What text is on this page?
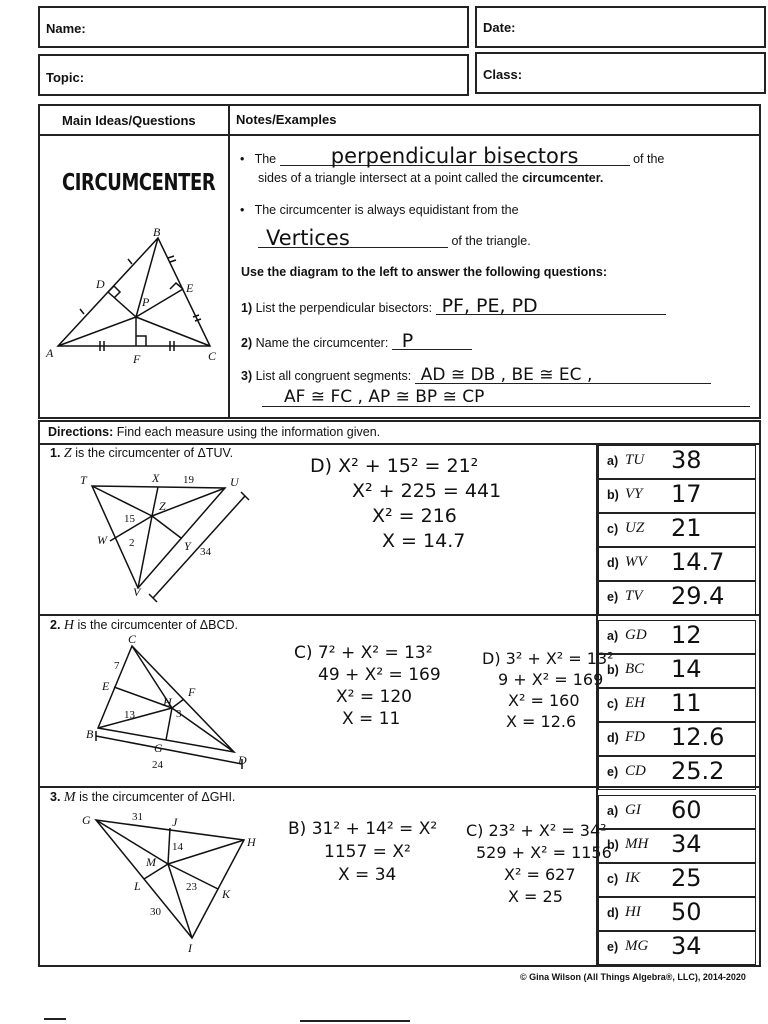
Name:	Date:
Topic:	Class:
Main Ideas/Questions	Notes/Examples
CIRCUMCENTER
B
D	E
P
A	F	C
•   The	perpendicular bisectors	of the
sides of a triangle intersect at a point called the circumcenter.
•   The circumcenter is always equidistant from the
Vertices	of the triangle.
Use the diagram to the left to answer the following questions:
1) List the perpendicular bisectors: PF, PE, PD
2) Name the circumcenter: P
3) List all congruent segments: AD ≅ DB , BE ≅ EC ,
AF ≅ FC , AP ≅ BP ≅ CP
Directions: Find each measure using the information given.
1. Z is the circumcenter of ΔTUV.
T	X 19	U
Z
15
W 2	Y 34
V
D) X² + 15² = 21²
X² + 225 = 441
X² = 216
X = 14.7
a) TU 38
b) VY 17
c) UZ 21
d) WV 14.7
e) TV 29.4
2. H is the circumcenter of ΔBCD.
C
7
E
H
F
13	3
B
G
24	D
C) 7² + X² = 13²
49 + X² = 169
X² = 120
X = 11
D) 3² + X² = 13²
9 + X² = 169
X² = 160
X = 12.6
a) GD 12
b) BC 14
c) EH 11
d) FD 12.6
e) CD 25.2
3. M is the circumcenter of ΔGHI.
G	31 J
H
14
M
L	23 K
30
I
B) 31² + 14² = X²
1157 = X²
X = 34
C) 23² + X² = 34²
529 + X² = 1156
X² = 627
X = 25
a) GI 60
b) MH 34
c) IK 25
d) HI 50
e) MG 34
© Gina Wilson (All Things Algebra®, LLC), 2014-2020
